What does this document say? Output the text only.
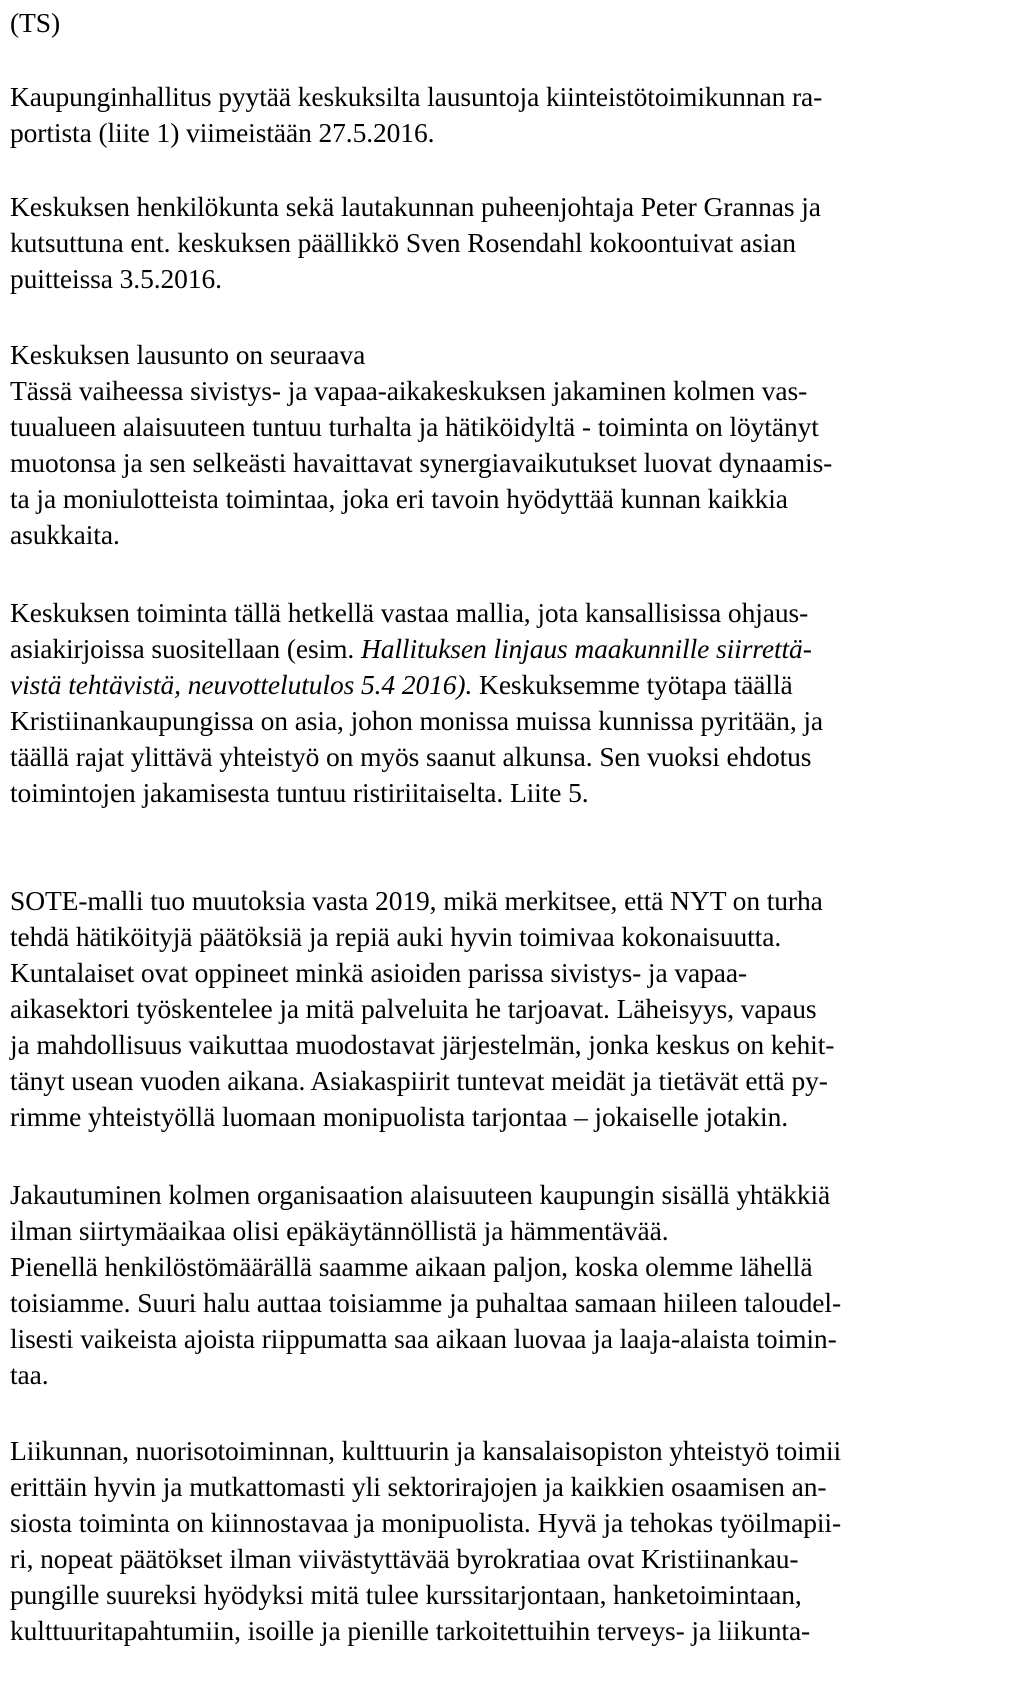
(TS)
Kaupunginhallitus pyytää keskuksilta lausuntoja kiinteistötoimikunnan ra-
portista (liite 1) viimeistään 27.5.2016.
Keskuksen henkilökunta sekä lautakunnan puheenjohtaja Peter Grannas ja
kutsuttuna ent. keskuksen päällikkö Sven Rosendahl kokoontuivat asian
puitteissa 3.5.2016.
Keskuksen lausunto on seuraava
Tässä vaiheessa sivistys- ja vapaa-aikakeskuksen jakaminen kolmen vas-
tuualueen alaisuuteen tuntuu turhalta ja hätiköidyltä - toiminta on löytänyt
muotonsa ja sen selkeästi havaittavat synergiavaikutukset luovat dynaamis-
ta ja moniulotteista toimintaa, joka eri tavoin hyödyttää kunnan kaikkia
asukkaita.
Keskuksen toiminta tällä hetkellä vastaa mallia, jota kansallisissa ohjaus-
asiakirjoissa suositellaan (esim. Hallituksen linjaus maakunnille siirrettä-
vistä tehtävistä, neuvottelutulos 5.4 2016). Keskuksemme työtapa täällä
Kristiinankaupungissa on asia, johon monissa muissa kunnissa pyritään, ja
täällä rajat ylittävä yhteistyö on myös saanut alkunsa. Sen vuoksi ehdotus
toimintojen jakamisesta tuntuu ristiriitaiselta. Liite 5.
SOTE-malli tuo muutoksia vasta 2019, mikä merkitsee, että NYT on turha
tehdä hätiköityjä päätöksiä ja repiä auki hyvin toimivaa kokonaisuutta.
Kuntalaiset ovat oppineet minkä asioiden parissa sivistys- ja vapaa-
aikasektori työskentelee ja mitä palveluita he tarjoavat. Läheisyys, vapaus
ja mahdollisuus vaikuttaa muodostavat järjestelmän, jonka keskus on kehit-
tänyt usean vuoden aikana. Asiakaspiirit tuntevat meidät ja tietävät että py-
rimme yhteistyöllä luomaan monipuolista tarjontaa – jokaiselle jotakin.
Jakautuminen kolmen organisaation alaisuuteen kaupungin sisällä yhtäkkiä
ilman siirtymäaikaa olisi epäkäytännöllistä ja hämmentävää.
Pienellä henkilöstömäärällä saamme aikaan paljon, koska olemme lähellä
toisiamme. Suuri halu auttaa toisiamme ja puhaltaa samaan hiileen taloudel-
lisesti vaikeista ajoista riippumatta saa aikaan luovaa ja laaja-alaista toimin-
taa.
Liikunnan, nuorisotoiminnan, kulttuurin ja kansalaisopiston yhteistyö toimii
erittäin hyvin ja mutkattomasti yli sektorirajojen ja kaikkien osaamisen an-
siosta toiminta on kiinnostavaa ja monipuolista. Hyvä ja tehokas työilmapii-
ri, nopeat päätökset ilman viivästyttävää byrokratiaa ovat Kristiinankau-
pungille suureksi hyödyksi mitä tulee kurssitarjontaan, hanketoimintaan,
kulttuuritapahtumiin, isoille ja pienille tarkoitettuihin terveys- ja liikunta-
